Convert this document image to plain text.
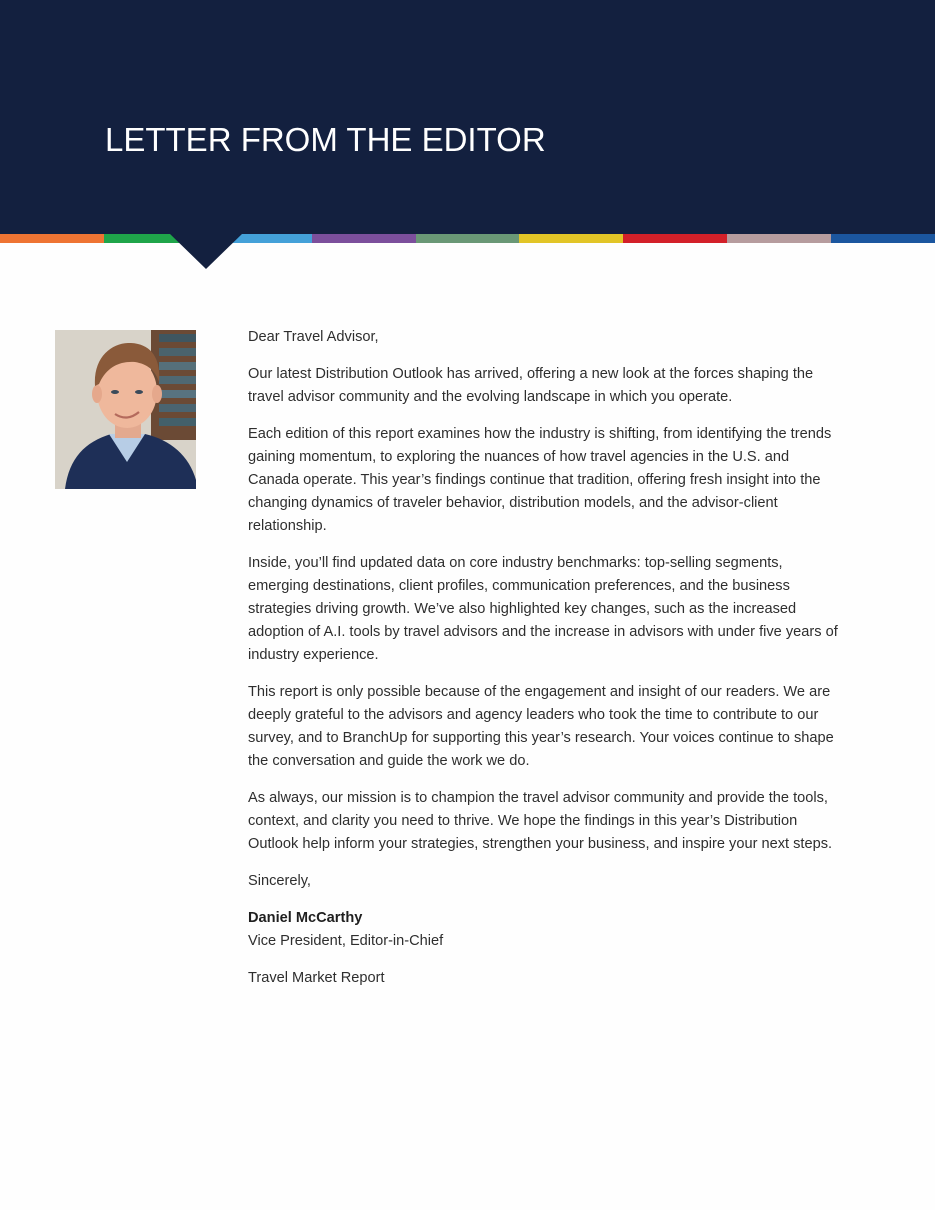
LETTER FROM THE EDITOR

Dear Travel Advisor,

Our latest Distribution Outlook has arrived, offering a new look at the forces shaping the travel advisor community and the evolving landscape in which you operate.

Each edition of this report examines how the industry is shifting, from identifying the trends gaining momentum, to exploring the nuances of how travel agencies in the U.S. and Canada operate. This year’s findings continue that tradition, offering fresh insight into the changing dynamics of traveler behavior, distribution models, and the advisor-client relationship.

Inside, you’ll find updated data on core industry benchmarks: top-selling segments, emerging destinations, client profiles, communication preferences, and the business strategies driving growth. We’ve also highlighted key changes, such as the increased adoption of A.I. tools by travel advisors and the increase in advisors with under five years of industry experience.

This report is only possible because of the engagement and insight of our readers. We are deeply grateful to the advisors and agency leaders who took the time to contribute to our survey, and to BranchUp for supporting this year’s research. Your voices continue to shape the conversation and guide the work we do.

As always, our mission is to champion the travel advisor community and provide the tools, context, and clarity you need to thrive. We hope the findings in this year’s Distribution Outlook help inform your strategies, strengthen your business, and inspire your next steps.

Sincerely,

Daniel McCarthy

Vice President, Editor-in-Chief

Travel Market Report
